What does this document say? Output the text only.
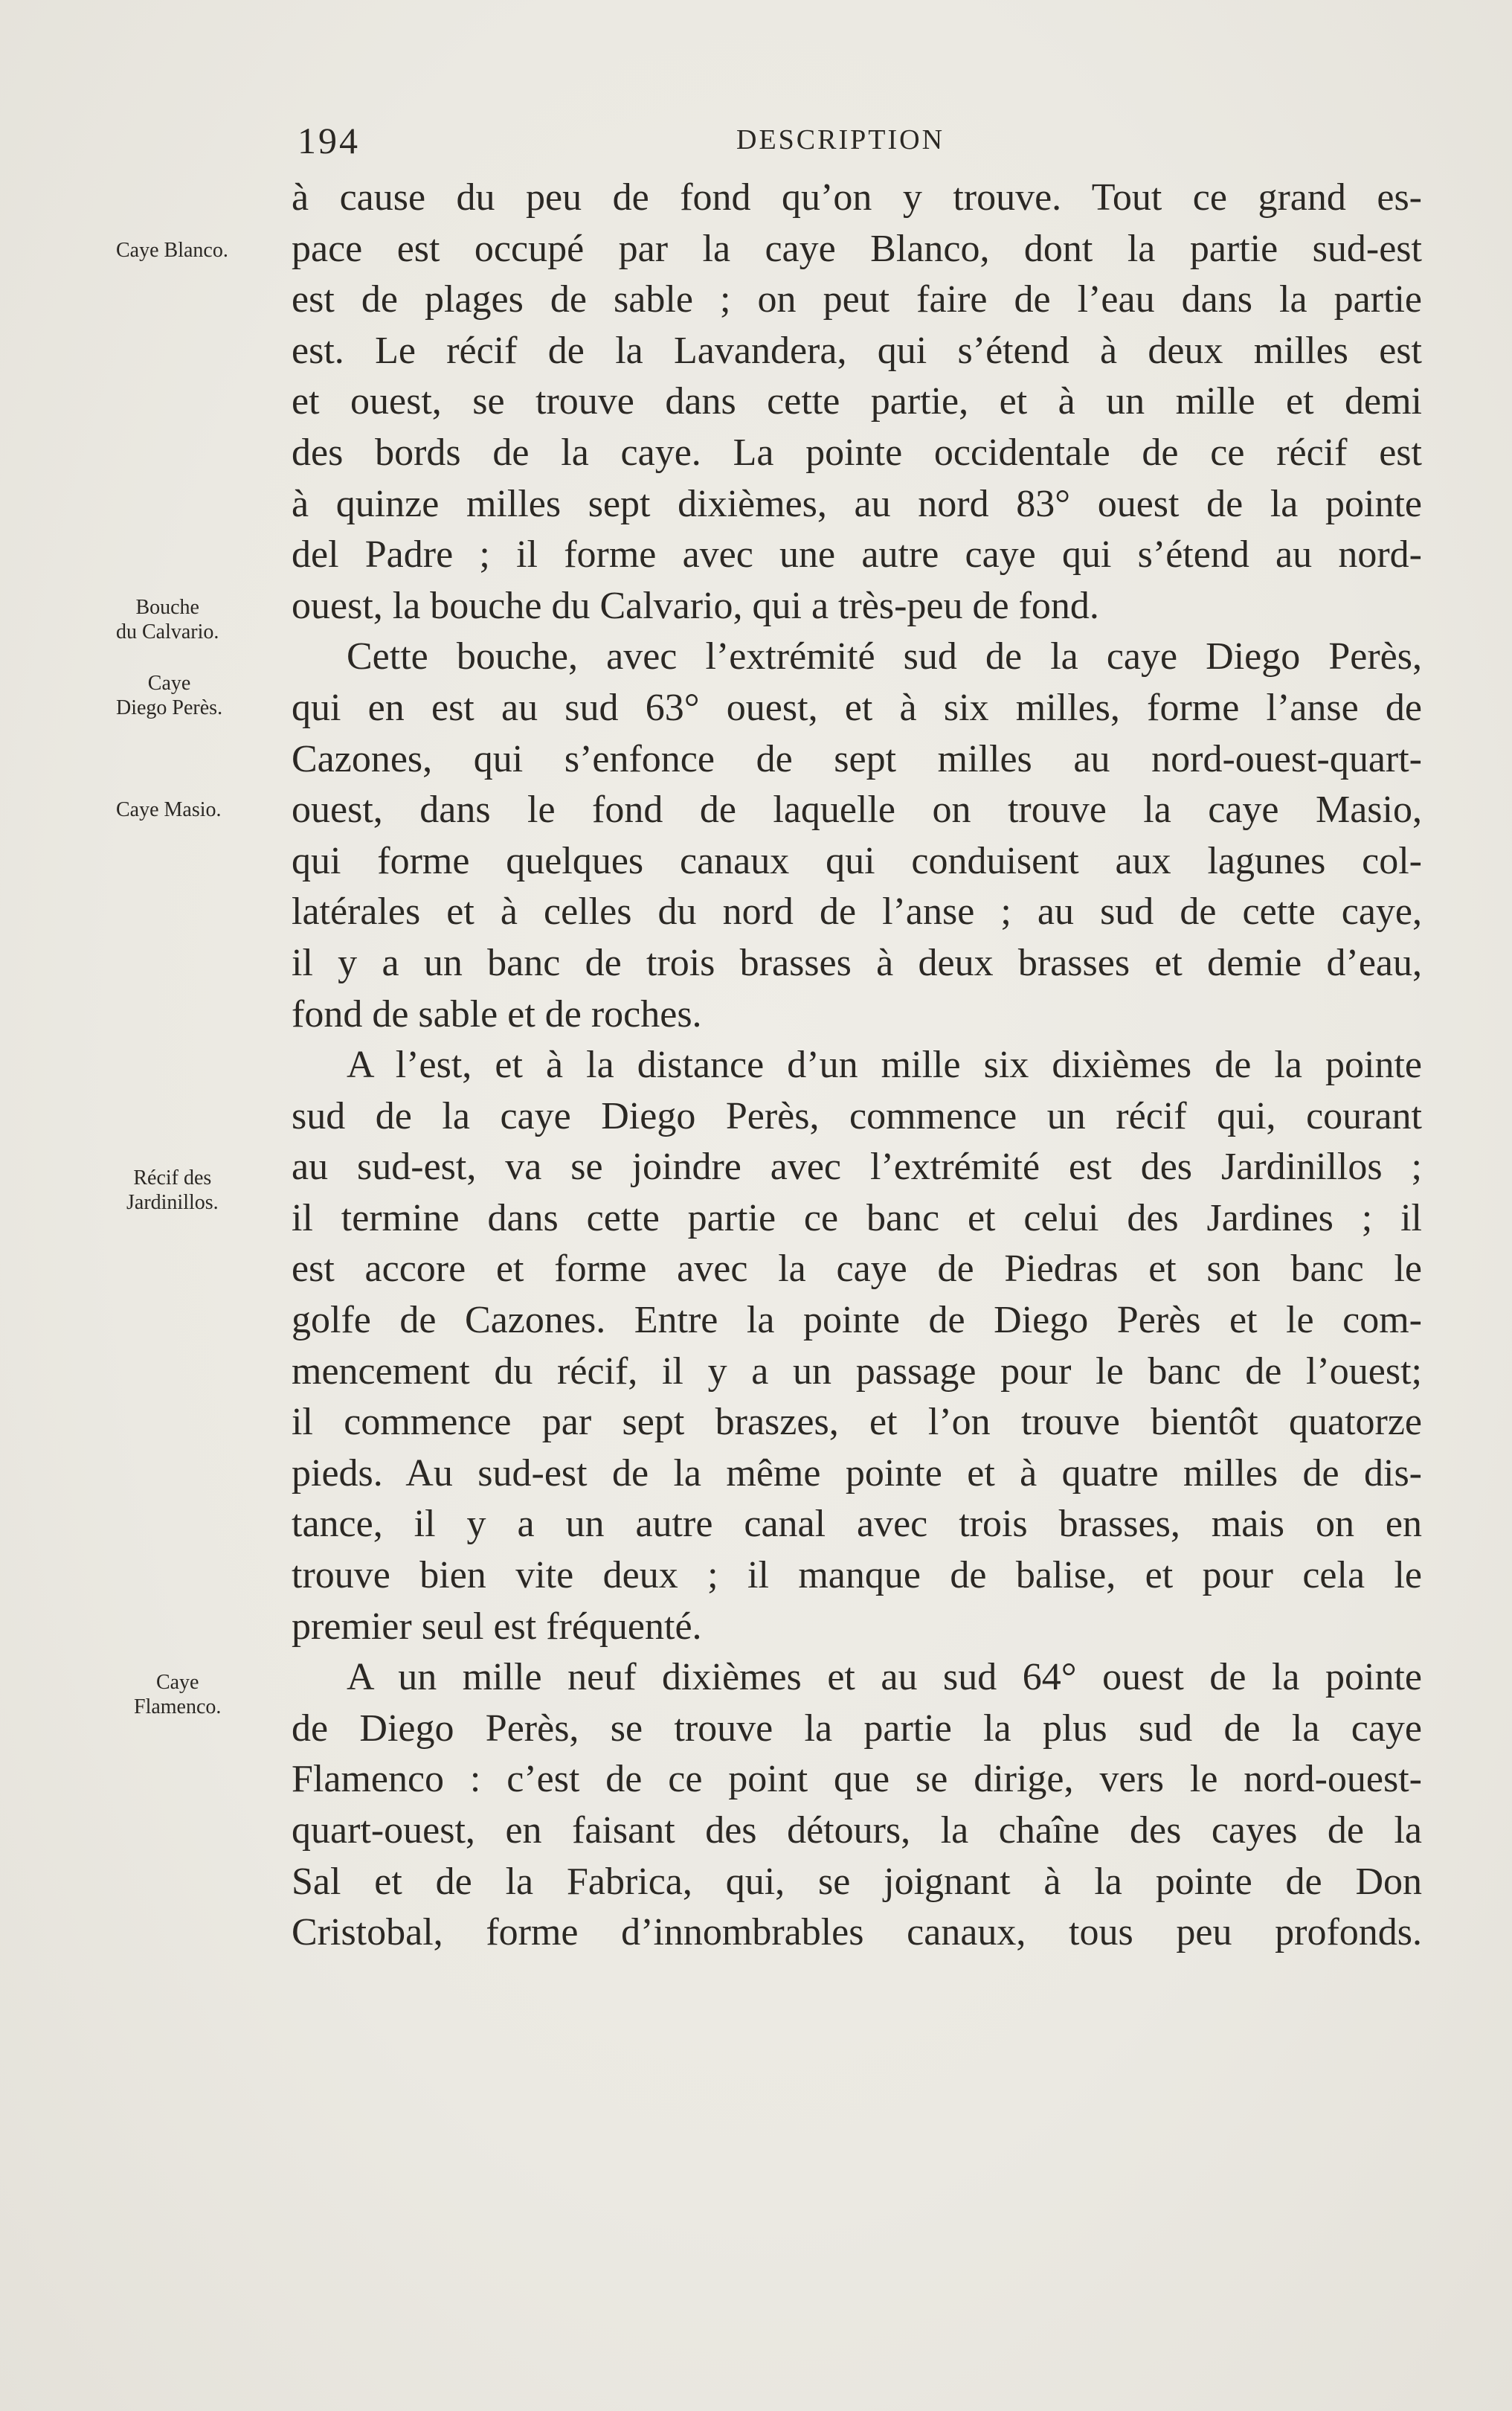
194	DESCRIPTION
Caye Blanco.
Bouche
du Calvario.
Caye
Diego Perès.
Caye Masio.
Récif des
Jardinillos.
Caye
Flamenco.
à cause du peu de fond qu’on y trouve. Tout ce grand es-
pace est occupé par la caye Blanco, dont la partie sud-est
est de plages de sable ; on peut faire de l’eau dans la partie
est. Le récif de la Lavandera, qui s’étend à deux milles est
et ouest, se trouve dans cette partie, et à un mille et demi
des bords de la caye. La pointe occidentale de ce récif est
à quinze milles sept dixièmes, au nord 83° ouest de la pointe
del Padre ; il forme avec une autre caye qui s’étend au nord-
ouest, la bouche du Calvario, qui a très-peu de fond.
Cette bouche, avec l’extrémité sud de la caye Diego Perès,
qui en est au sud 63° ouest, et à six milles, forme l’anse de
Cazones, qui s’enfonce de sept milles au nord-ouest-quart-
ouest, dans le fond de laquelle on trouve la caye Masio,
qui forme quelques canaux qui conduisent aux lagunes col-
latérales et à celles du nord de l’anse ; au sud de cette caye,
il y a un banc de trois brasses à deux brasses et demie d’eau,
fond de sable et de roches.
A l’est, et à la distance d’un mille six dixièmes de la pointe
sud de la caye Diego Perès, commence un récif qui, courant
au sud-est, va se joindre avec l’extrémité est des Jardinillos ;
il termine dans cette partie ce banc et celui des Jardines ; il
est accore et forme avec la caye de Piedras et son banc le
golfe de Cazones. Entre la pointe de Diego Perès et le com-
mencement du récif, il y a un passage pour le banc de l’ouest;
il commence par sept braszes, et l’on trouve bientôt quatorze
pieds. Au sud-est de la même pointe et à quatre milles de dis-
tance, il y a un autre canal avec trois brasses, mais on en
trouve bien vite deux ; il manque de balise, et pour cela le
premier seul est fréquenté.
A un mille neuf dixièmes et au sud 64° ouest de la pointe
de Diego Perès, se trouve la partie la plus sud de la caye
Flamenco : c’est de ce point que se dirige, vers le nord-ouest-
quart-ouest, en faisant des détours, la chaîne des cayes de la
Sal et de la Fabrica, qui, se joignant à la pointe de Don
Cristobal, forme d’innombrables canaux, tous peu profonds.
